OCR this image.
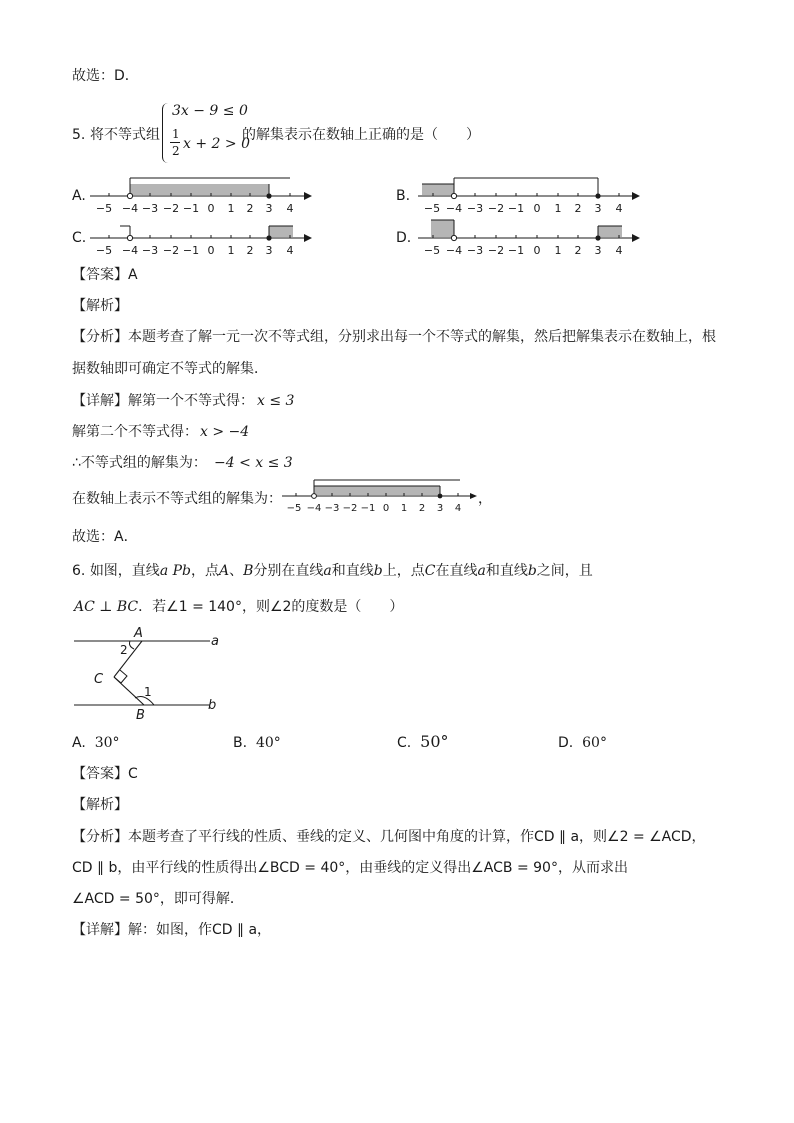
故选：D．
5. 将不等式组
3x − 9 ≤ 0
1
2 x + 2 > 0
的解集表示在数轴上正确的是（　　）
A.
−5 −4 −3 −2 −1 0 1 2 3 4
B.
−5 −4 −3 −2 −1 0 1 2 3 4
C.
−5 −4 −3 −2 −1 0 1 2 3 4
D.
−5 −4 −3 −2 −1 0 1 2 3 4
【答案】A
【解析】
【分析】本题考查了解一元一次不等式组，分别求出每一个不等式的解集，然后把解集表示在数轴上，根
据数轴即可确定不等式的解集．
【详解】解第一个不等式得： x ≤ 3
解第二个不等式得： x > −4
∴不等式组的解集为： −4 < x ≤ 3
在数轴上表示不等式组的解集为：
−5 −4 −3 −2 −1 0 1 2 3 4
，
故选：A．
6. 如图，直线a Pb，点A、B分别在直线a和直线b上，点C在直线a和直线b之间，且
AC ⊥ BC．若∠1 = 140°，则∠2的度数是（　　）
A
C
B
a
b
2
1
A. 30°	B. 40°	C. 50°	D. 60°
【答案】C
【解析】
【分析】本题考查了平行线的性质、垂线的定义、几何图中角度的计算，作CD ∥ a，则∠2 = ∠ACD，
CD ∥ b，由平行线的性质得出∠BCD = 40°，由垂线的定义得出∠ACB = 90°，从而求出
∠ACD = 50°，即可得解．
【详解】解：如图，作CD ∥ a，
